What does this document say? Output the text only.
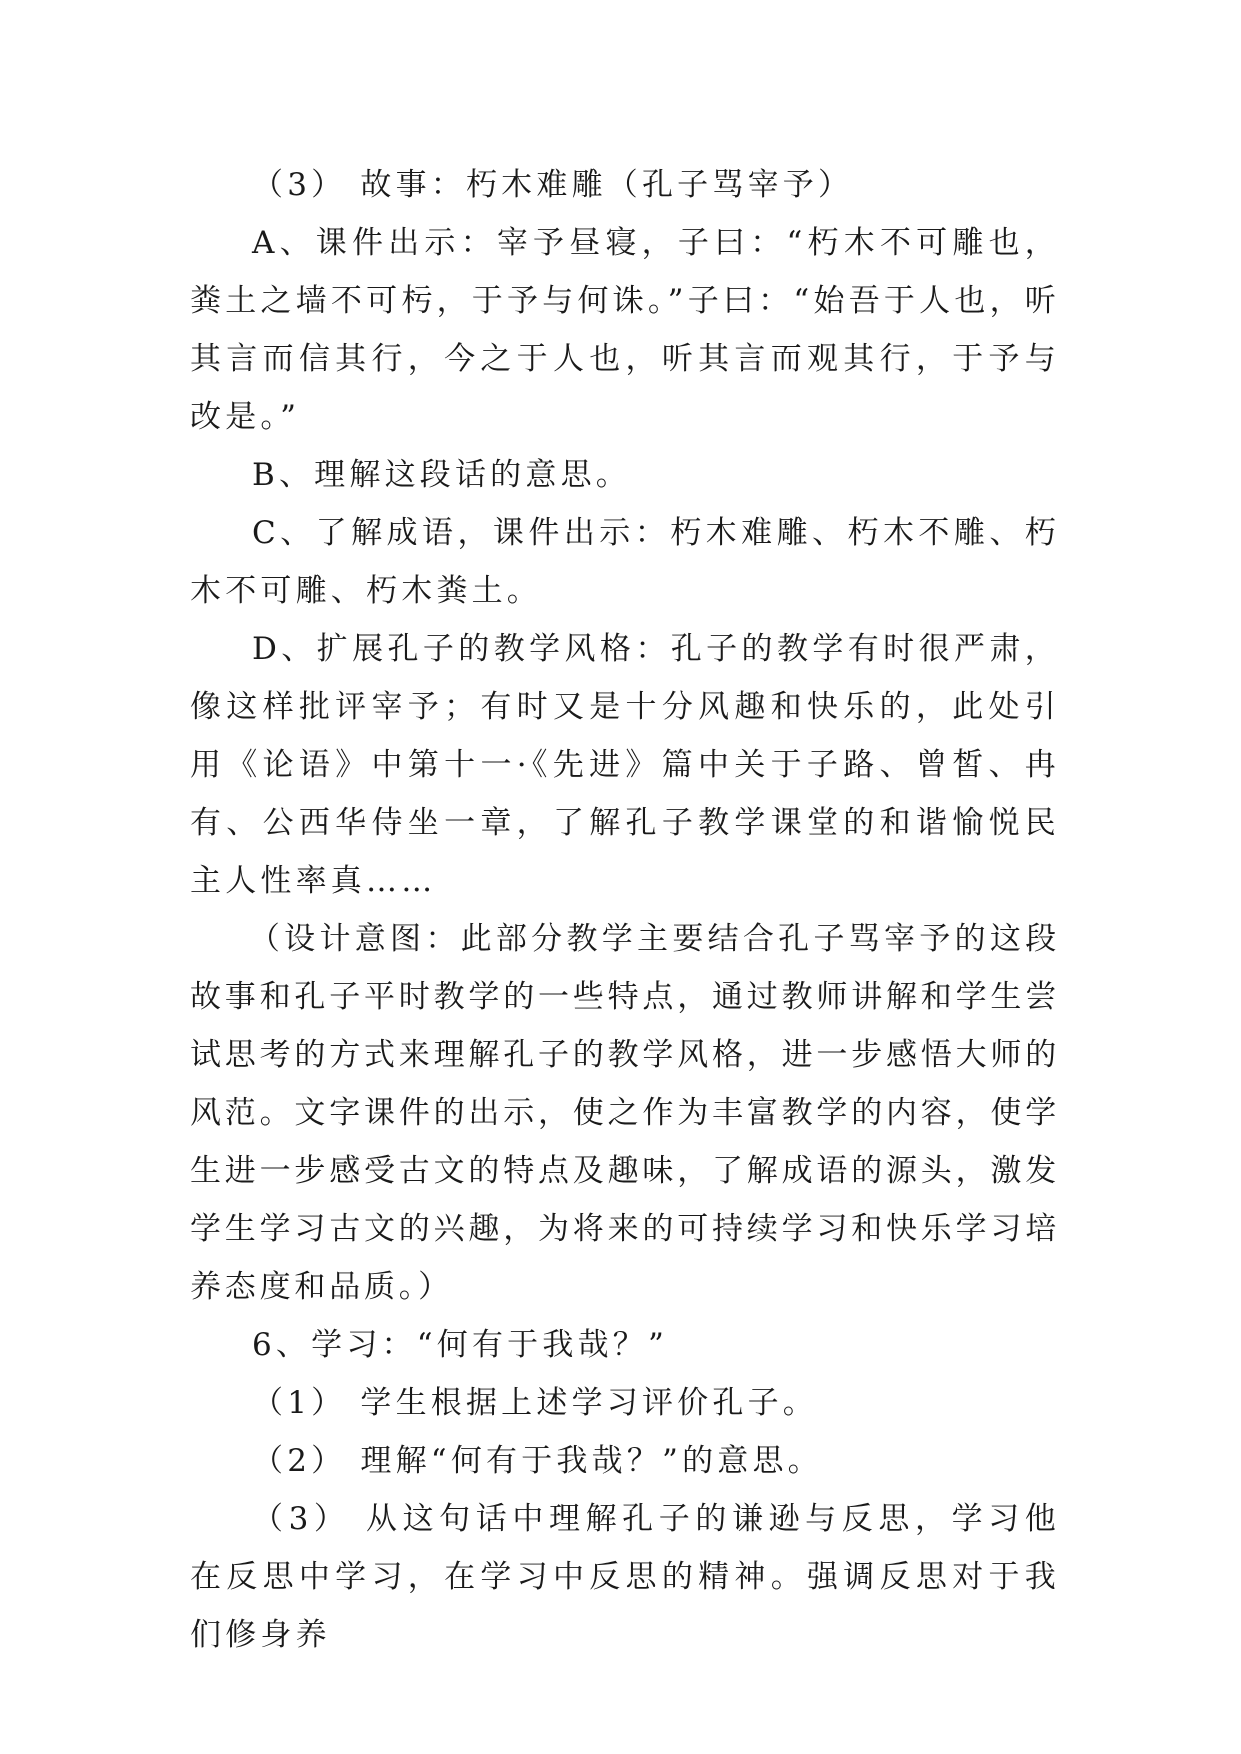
（3） 故事：朽木难雕（孔子骂宰予）

A、课件出示：宰予昼寝，子曰：“朽木不可雕也，粪土之墙不可杇，于予与何诛。”子曰：“始吾于人也，听其言而信其行，今之于人也，听其言而观其行，于予与改是。”

B、理解这段话的意思。

C、了解成语，课件出示：朽木难雕、朽木不雕、朽木不可雕、朽木粪土。

D、扩展孔子的教学风格：孔子的教学有时很严肃，像这样批评宰予；有时又是十分风趣和快乐的，此处引用《论语》中第十一·《先进》篇中关于子路、曾皙、冉有、公西华侍坐一章，了解孔子教学课堂的和谐愉悦民主人性率真……

（设计意图：此部分教学主要结合孔子骂宰予的这段故事和孔子平时教学的一些特点，通过教师讲解和学生尝试思考的方式来理解孔子的教学风格，进一步感悟大师的风范。文字课件的出示，使之作为丰富教学的内容，使学生进一步感受古文的特点及趣味，了解成语的源头，激发学生学习古文的兴趣，为将来的可持续学习和快乐学习培养态度和品质。）

6、学习：“何有于我哉？”

（1） 学生根据上述学习评价孔子。

（2） 理解“何有于我哉？”的意思。

（3） 从这句话中理解孔子的谦逊与反思，学习他在反思中学习，在学习中反思的精神。强调反思对于我们修身养
